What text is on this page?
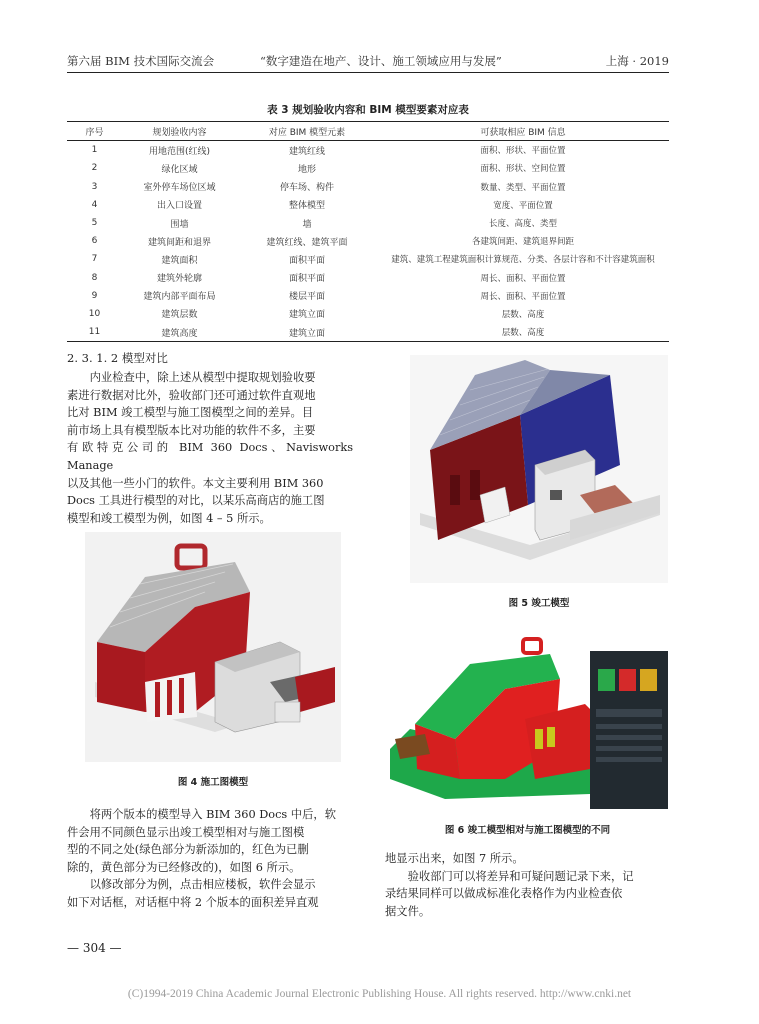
第六届 BIM 技术国际交流会	“数字建造在地产、设计、施工领域应用与发展”	上海 · 2019
表 3 规划验收内容和 BIM 模型要素对应表
序号	规划验收内容	对应 BIM 模型元素	可获取相应 BIM 信息
1	用地范围(红线)	建筑红线	面积、形状、平面位置
2	绿化区域	地形	面积、形状、空间位置
3	室外停车场位区域	停车场、构件	数量、类型、平面位置
4	出入口设置	整体模型	宽度、平面位置
5	围墙	墙	长度、高度、类型
6	建筑间距和退界	建筑红线、建筑平面	各建筑间距、建筑退界间距
7	建筑面积	面积平面	建筑、建筑工程建筑面积计算规范、分类、各层计容和不计容建筑面积
8	建筑外轮廓	面积平面	周长、面积、平面位置
9	建筑内部平面布局	楼层平面	周长、面积、平面位置
10	建筑层数	建筑立面	层数、高度
11	建筑高度	建筑立面	层数、高度
2. 3. 1. 2 模型对比
内业检查中，除上述从模型中提取规划验收要
素进行数据对比外，验收部门还可通过软件直观地
比对 BIM 竣工模型与施工图模型之间的差异。目
前市场上具有模型版本比对功能的软件不多，主要
有欧特克公司的 BIM 360 Docs、Navisworks Manage
以及其他一些小门的软件。本文主要利用 BIM 360
Docs 工具进行模型的对比，以某乐高商店的施工图
模型和竣工模型为例，如图 4 – 5 所示。
图 5 竣工模型
图 4 施工图模型
图 6 竣工模型相对与施工图模型的不同
将两个版本的模型导入 BIM 360 Docs 中后，软
件会用不同颜色显示出竣工模型相对与施工图模
型的不同之处(绿色部分为新添加的，红色为已删
除的，黄色部分为已经修改的)，如图 6 所示。
以修改部分为例，点击相应楼板，软件会显示
如下对话框，对话框中将 2 个版本的面积差异直观
地显示出来，如图 7 所示。
验收部门可以将差异和可疑问题记录下来，记
录结果同样可以做成标准化表格作为内业检查依
据文件。
— 304 —
(C)1994-2019 China Academic Journal Electronic Publishing House. All rights reserved. http://www.cnki.net
